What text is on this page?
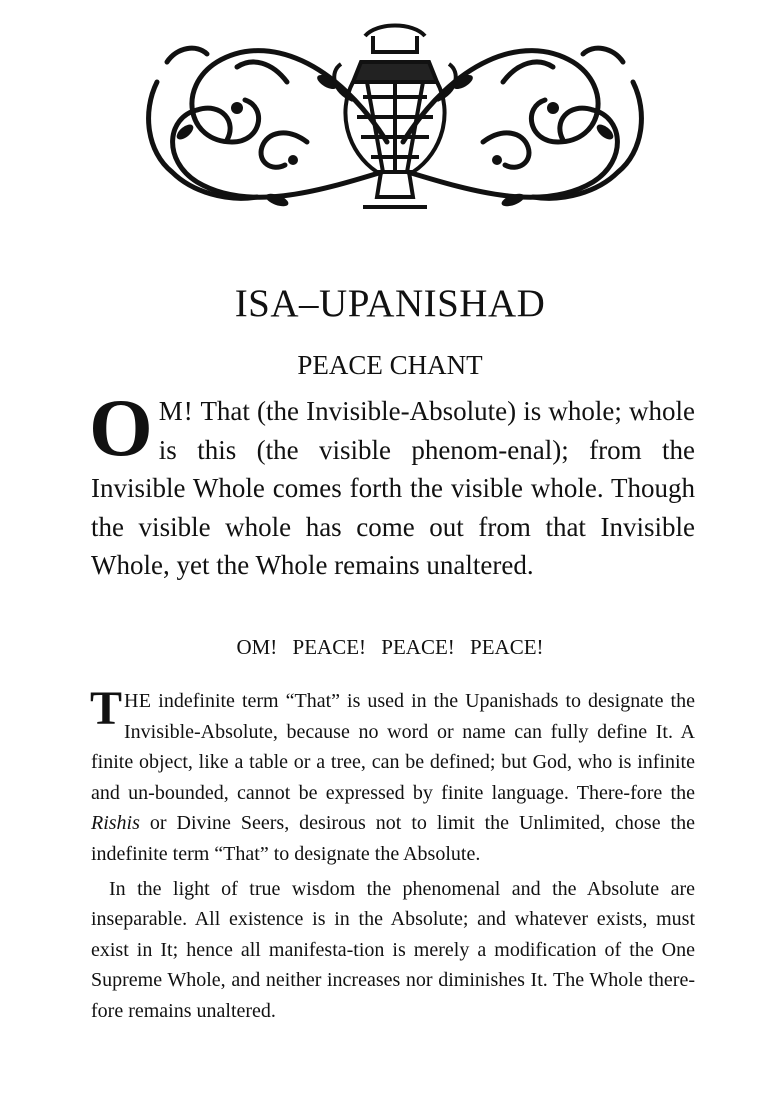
ISA–UPANISHAD
PEACE CHANT
O M! That (the Invisible-Absolute) is whole; whole is this (the visible phenom-enal); from the Invisible Whole comes forth the visible whole. Though the visible whole has come out from that Invisible Whole, yet the Whole remains unaltered.
OM! PEACE! PEACE! PEACE!

THE indefinite term “That” is used in the Upanishads to designate the Invisible-Absolute, because no word or name can fully define It. A finite object, like a table or a tree, can be defined; but God, who is infinite and un-bounded, cannot be expressed by finite language. There-fore the Rishis or Divine Seers, desirous not to limit the Unlimited, chose the indefinite term “That” to designate the Absolute.

In the light of true wisdom the phenomenal and the Absolute are inseparable. All existence is in the Absolute; and whatever exists, must exist in It; hence all manifesta-tion is merely a modification of the One Supreme Whole, and neither increases nor diminishes It. The Whole there-fore remains unaltered.
